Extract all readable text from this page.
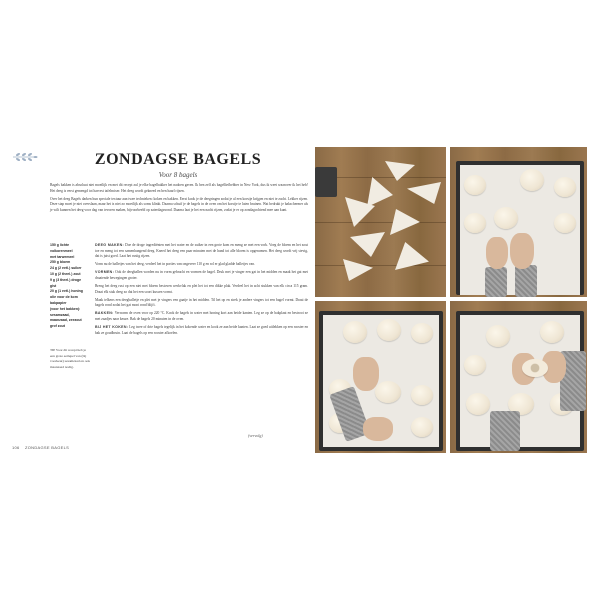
ZONDAGSE BAGELS
Voor 8 bagels

Bagels bakken is absoluut niet moeilijk en met dit recept zul je elke bagelbakker het nadoen gaven. Ik ben zelf als bagelliefhebber in New York, dus ik weet waarover ik het heb! Het deeg is eerst gemengd tot harvest tafelmixer. Het deeg wordt gekneed en ben haarl rijzen.

Over het deeg Bagels darken hun speciale textuur aan twee technieken: koken en bakken. Eerst kook je de deegringen zodat je al een korstje krijgen en niet te zacht. Lekker rijzen. Deze stap moet je niet overslaan, maar het is niet zo moeilijk als soms klinkt. Daarna schuif je de bagels in de oven om het korstje te laten bruinen. Wat bedrukt je bakschermer als je wilt kunnen het deeg voor dag van tevoren maken, bijvoorbeeld op zaterdagavond. Daarna laat je het een nacht rijzen, zodat je er op zondagochtend mee aan kunt.

150 g lichte volkorenmeel
met tarwemeel
250 g bloem
24 g (2 eetl.) suiker
10 g (2 theel.) zout
9 g (3 theel.) droge
gist
20 g (1 eetl.) honing
olie voor de kom
bakpapier
(voor het bakken): sesamzaad,
maanzaad, zeezout
grof zout
TIP Voor dit recept heb je een grote eetlepel van (bij voorkeur) sesamzaad en ook maanzaad nodig.

DEEG MAKEN: Doe de droge ingrediënten met het water en de suiker in een grote kom en meng ze met een vork. Voeg de bloem en het zout toe en meng tot een samenhangend deeg. Kneed het deeg een paar minuten met de hand tot alle bloem is opgenomen. Het deeg wordt vrij stevig, dat is juist goed. Laat het rustig rijzen.

Vorm nu de balletjes van het deeg, verdeel het in porties van ongeveer 110 g en rol er glad gladde balletjes van.

VORMEN: Ook de deegballen worden nu in vorm gebracht en vormen de bagel. Druk met je vinger een gat in het midden en maak het gat met draaiende bewegingen groter.

Breng het deeg rust op een niet met bloem bestoven werkvlak en plet het tot een dikke plak. Verdeel het in acht stukken van elk circa 115 gram. Draai elk stuk deeg zo dat het een soort kussen vormt.

Maak telkens een deegballetje en plet met je vingers een gaatje in het midden. Til het op en strek je andere vingers tot een bagel vormt. Draai de bagels rond zodat het gat mooi rond blijft.

BAKKEN: Verwarm de oven voor op 220 °C. Kook de bagels in water met honing kort aan beide kanten. Leg ze op de bakplaat en bestrooi ze met zaadjes naar keuze. Bak de bagels 20 minuten in de oven.

BIJ HET KOKEN: Leg twee of drie bagels tegelijk in het kokende water en kook ze aan beide kanten. Laat ze goed uitlekken op een rooster en bak ze goudbruin. Laat de bagels op een rooster afkoelen.

(vervolg)
106 ZONDAGSE BAGELS
